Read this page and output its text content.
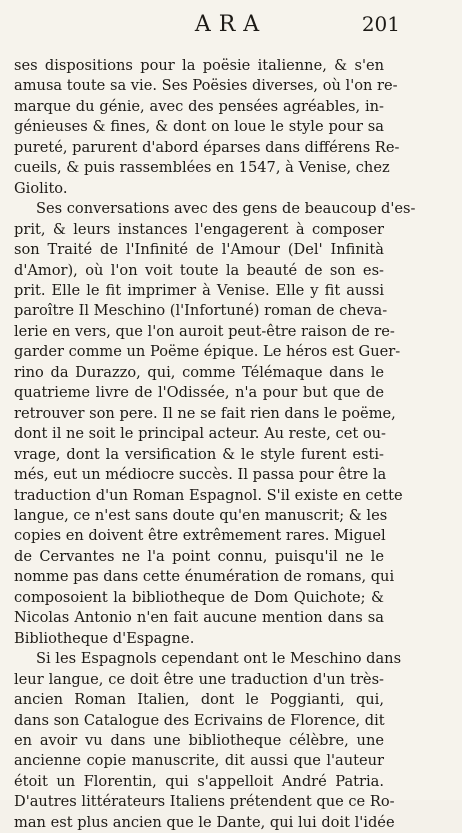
ARA	201
ses dispositions pour la poësie italienne, & s'en
amusa toute sa vie. Ses Poësies diverses, où l'on re-
marque du génie, avec des pensées agréables, in-
génieuses & fines, & dont on loue le style pour sa
pureté, parurent d'abord éparses dans différens Re-
cueils, & puis rassemblées en 1547, à Venise, chez
Giolito.
Ses conversations avec des gens de beaucoup d'es-
prit, & leurs instances l'engagerent à composer
son Traité de l'Infinité de l'Amour (Del' Infinità
d'Amor), où l'on voit toute la beauté de son es-
prit. Elle le fit imprimer à Venise. Elle y fit aussi
paroître Il Meschino (l'Infortuné) roman de cheva-
lerie en vers, que l'on auroit peut-être raison de re-
garder comme un Poëme épique. Le héros est Guer-
rino da Durazzo, qui, comme Télémaque dans le
quatrieme livre de l'Odissée, n'a pour but que de
retrouver son pere. Il ne se fait rien dans le poëme,
dont il ne soit le principal acteur. Au reste, cet ou-
vrage, dont la versification & le style furent esti-
més, eut un médiocre succès. Il passa pour être la
traduction d'un Roman Espagnol. S'il existe en cette
langue, ce n'est sans doute qu'en manuscrit; & les
copies en doivent être extrêmement rares. Miguel
de Cervantes ne l'a point connu, puisqu'il ne le
nomme pas dans cette énumération de romans, qui
composoient la bibliotheque de Dom Quichote; &
Nicolas Antonio n'en fait aucune mention dans sa
Bibliotheque d'Espagne.
Si les Espagnols cependant ont le Meschino dans
leur langue, ce doit être une traduction d'un très-
ancien Roman Italien, dont le Poggianti, qui,
dans son Catalogue des Ecrivains de Florence, dit
en avoir vu dans une bibliotheque célèbre, une
ancienne copie manuscrite, dit aussi que l'auteur
étoit un Florentin, qui s'appelloit André Patria.
D'autres littérateurs Italiens prétendent que ce Ro-
man est plus ancien que le Dante, qui lui doit l'idée
